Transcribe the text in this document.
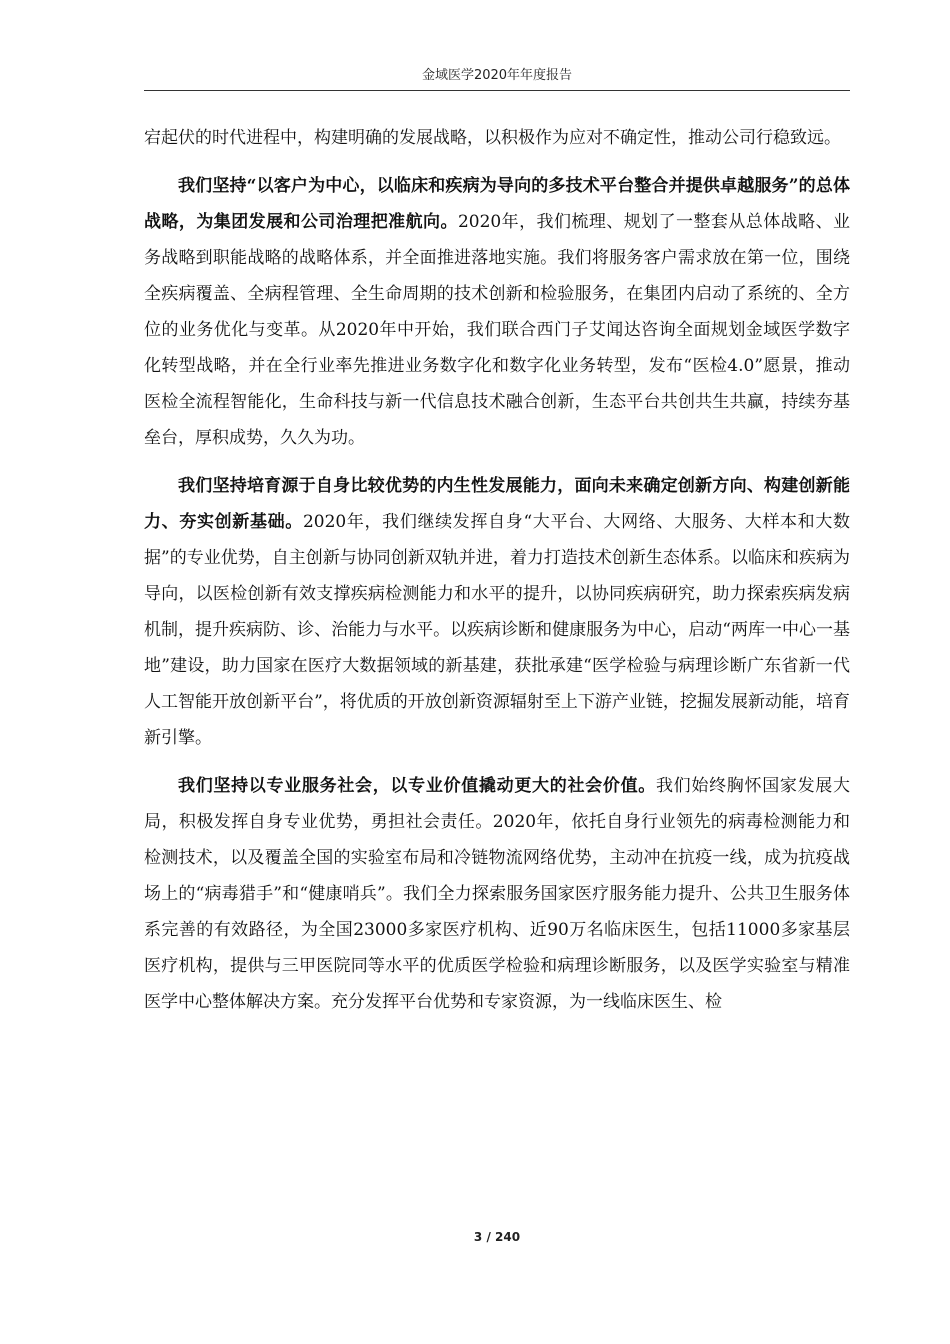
金域医学2020年年度报告

宕起伏的时代进程中，构建明确的发展战略，以积极作为应对不确定性，推动公司行稳致远。

我们坚持“以客户为中心，以临床和疾病为导向的多技术平台整合并提供卓越服务”的总体战略，为集团发展和公司治理把准航向。2020年，我们梳理、规划了一整套从总体战略、业务战略到职能战略的战略体系，并全面推进落地实施。我们将服务客户需求放在第一位，围绕全疾病覆盖、全病程管理、全生命周期的技术创新和检验服务，在集团内启动了系统的、全方位的业务优化与变革。从2020年中开始，我们联合西门子艾闻达咨询全面规划金域医学数字化转型战略，并在全行业率先推进业务数字化和数字化业务转型，发布“医检4.0”愿景，推动医检全流程智能化，生命科技与新一代信息技术融合创新，生态平台共创共生共赢，持续夯基垒台，厚积成势，久久为功。

我们坚持培育源于自身比较优势的内生性发展能力，面向未来确定创新方向、构建创新能力、夯实创新基础。2020年，我们继续发挥自身“大平台、大网络、大服务、大样本和大数据”的专业优势，自主创新与协同创新双轨并进，着力打造技术创新生态体系。以临床和疾病为导向，以医检创新有效支撑疾病检测能力和水平的提升，以协同疾病研究，助力探索疾病发病机制，提升疾病防、诊、治能力与水平。以疾病诊断和健康服务为中心，启动“两库一中心一基地”建设，助力国家在医疗大数据领域的新基建，获批承建“医学检验与病理诊断广东省新一代人工智能开放创新平台”，将优质的开放创新资源辐射至上下游产业链，挖掘发展新动能，培育新引擎。

我们坚持以专业服务社会，以专业价值撬动更大的社会价值。我们始终胸怀国家发展大局，积极发挥自身专业优势，勇担社会责任。2020年，依托自身行业领先的病毒检测能力和检测技术，以及覆盖全国的实验室布局和冷链物流网络优势，主动冲在抗疫一线，成为抗疫战场上的“病毒猎手”和“健康哨兵”。我们全力探索服务国家医疗服务能力提升、公共卫生服务体系完善的有效路径，为全国23000多家医疗机构、近90万名临床医生，包括11000多家基层医疗机构，提供与三甲医院同等水平的优质医学检验和病理诊断服务，以及医学实验室与精准医学中心整体解决方案。充分发挥平台优势和专家资源，为一线临床医生、检

3 / 240
